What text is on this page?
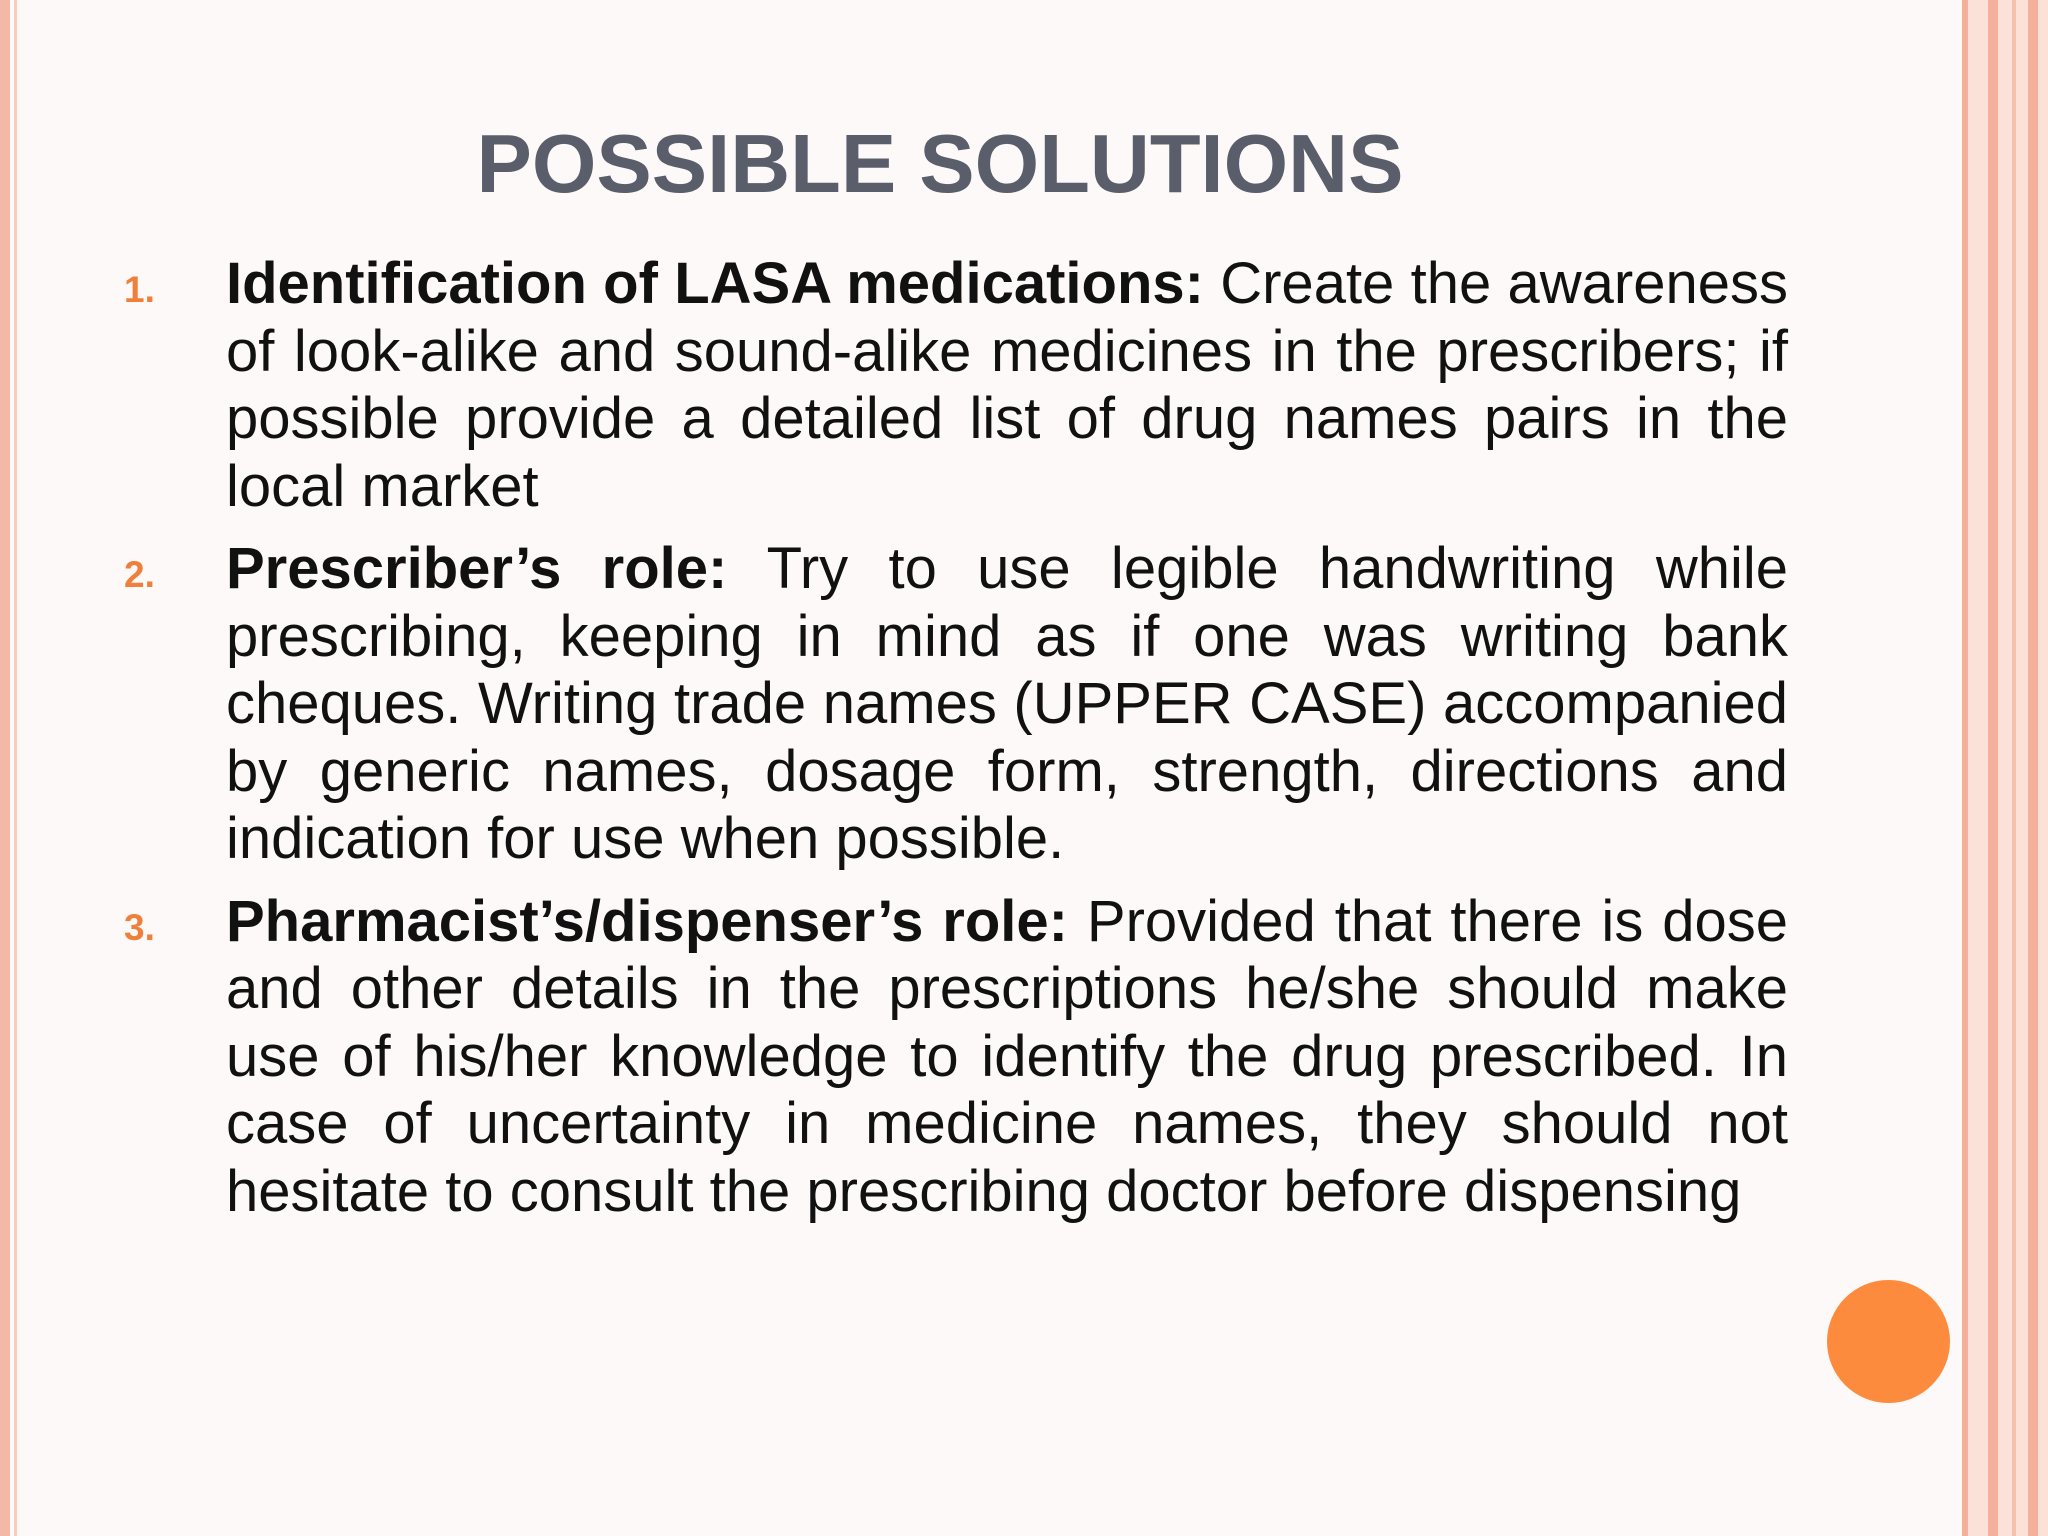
POSSIBLE SOLUTIONS
1. Identification of LASA medications: Create the awareness of look-alike and sound-alike medicines in the prescribers; if possible provide a detailed list of drug names pairs in the local market
2. Prescriber’s role: Try to use legible handwriting while prescribing, keeping in mind as if one was writing bank cheques. Writing trade names (UPPER CASE) accompanied by generic names, dosage form, strength, directions and indication for use when possible.
3. Pharmacist’s/dispenser’s role: Provided that there is dose and other details in the prescriptions he/she should make use of his/her knowledge to identify the drug prescribed. In case of uncertainty in medicine names, they should not hesitate to consult the prescribing doctor before dispensing
